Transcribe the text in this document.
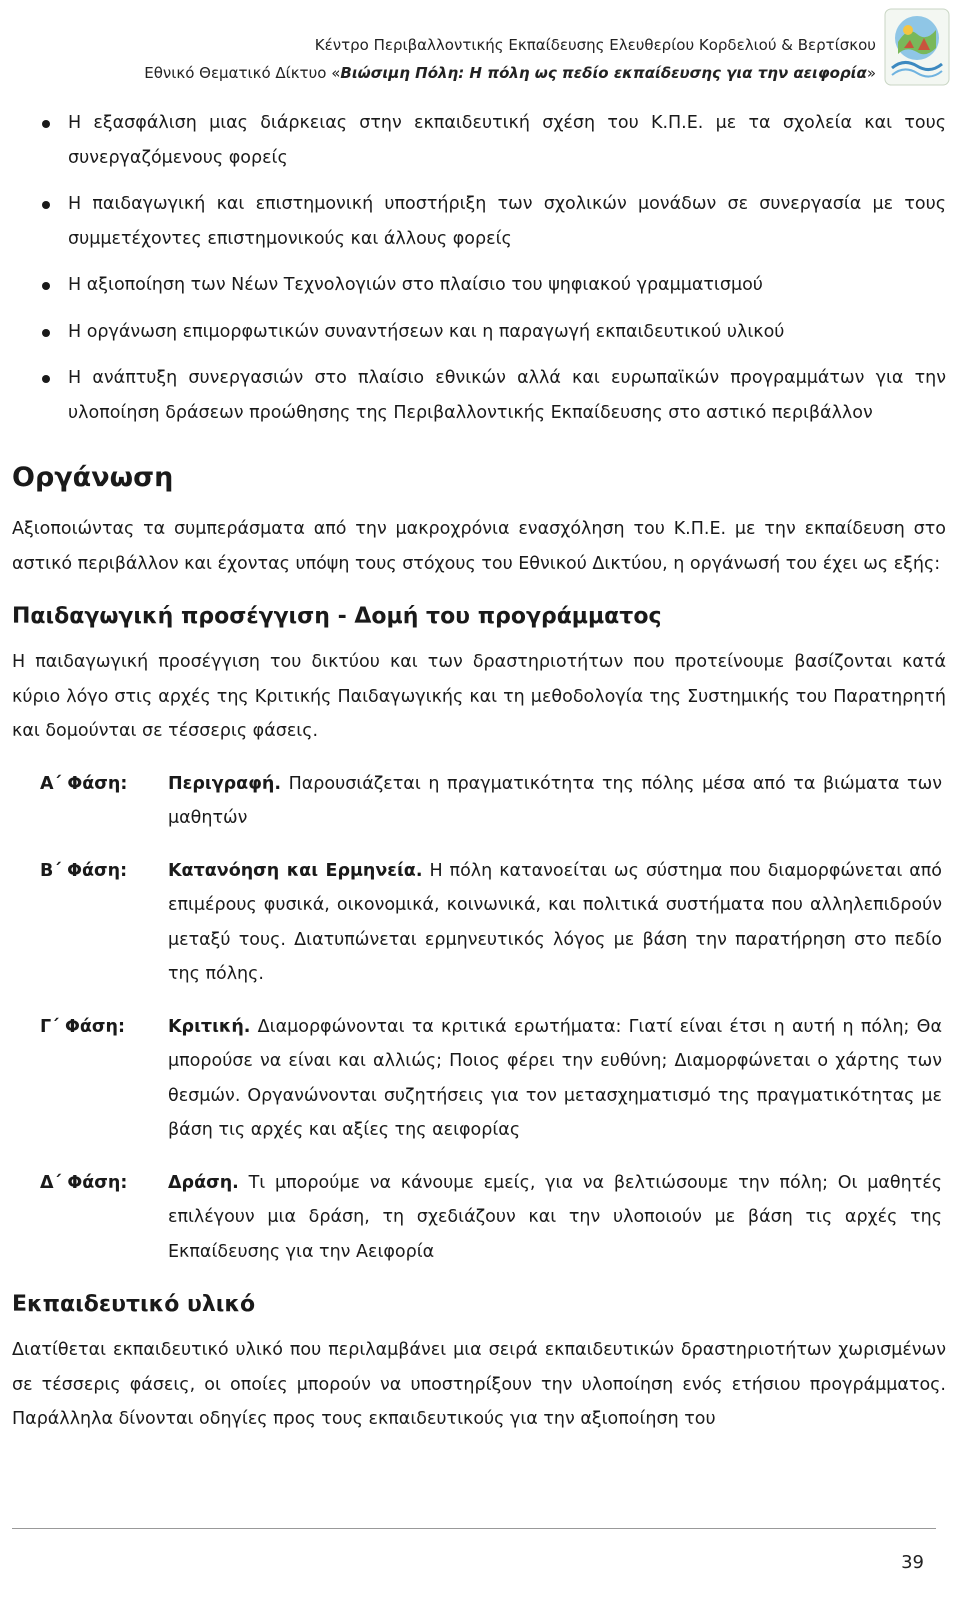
Κέντρο Περιβαλλοντικής Εκπαίδευσης Ελευθερίου Κορδελιού & Βερτίσκου
Εθνικό Θεματικό Δίκτυο «Βιώσιμη Πόλη: Η πόλη ως πεδίο εκπαίδευσης για την αειφορία»
Η εξασφάλιση μιας διάρκειας στην εκπαιδευτική σχέση του Κ.Π.Ε. με τα σχολεία και τους συνεργαζόμενους φορείς
Η παιδαγωγική και επιστημονική υποστήριξη των σχολικών μονάδων σε συνεργασία με τους συμμετέχοντες επιστημονικούς και άλλους φορείς
Η αξιοποίηση των Νέων Τεχνολογιών στο πλαίσιο του ψηφιακού γραμματισμού
Η οργάνωση επιμορφωτικών συναντήσεων και η παραγωγή εκπαιδευτικού υλικού
Η ανάπτυξη συνεργασιών στο πλαίσιο εθνικών αλλά και ευρωπαϊκών προγραμμάτων για την υλοποίηση δράσεων προώθησης της Περιβαλλοντικής Εκπαίδευσης στο αστικό περιβάλλον
Οργάνωση

Αξιοποιώντας τα συμπεράσματα από την μακροχρόνια ενασχόληση του Κ.Π.Ε. με την εκπαίδευση στο αστικό περιβάλλον και έχοντας υπόψη τους στόχους του Εθνικού Δικτύου, η οργάνωσή του έχει ως εξής:

Παιδαγωγική προσέγγιση - Δομή του προγράμματος

Η παιδαγωγική προσέγγιση του δικτύου και των δραστηριοτήτων που προτείνουμε βασίζονται κατά κύριο λόγο στις αρχές της Κριτικής Παιδαγωγικής και τη μεθοδολογία της Συστημικής του Παρατηρητή και δομούνται σε τέσσερις φάσεις.

Α΄ Φάση:	Περιγραφή. Παρουσιάζεται η πραγματικότητα της πόλης μέσα από τα βιώματα των μαθητών
Β΄ Φάση:	Κατανόηση και Ερμηνεία. Η πόλη κατανοείται ως σύστημα που διαμορφώνεται από επιμέρους φυσικά, οικονομικά, κοινωνικά, και πολιτικά συστήματα που αλληλεπιδρούν μεταξύ τους. Διατυπώνεται ερμηνευτικός λόγος με βάση την παρατήρηση στο πεδίο της πόλης.
Γ΄ Φάση:	Κριτική. Διαμορφώνονται τα κριτικά ερωτήματα: Γιατί είναι έτσι η αυτή η πόλη; Θα μπορούσε να είναι και αλλιώς; Ποιος φέρει την ευθύνη; Διαμορφώνεται ο χάρτης των θεσμών. Οργανώνονται συζητήσεις για τον μετασχηματισμό της πραγματικότητας με βάση τις αρχές και αξίες της αειφορίας
Δ΄ Φάση:	Δράση. Τι μπορούμε να κάνουμε εμείς, για να βελτιώσουμε την πόλη; Οι μαθητές επιλέγουν μια δράση, τη σχεδιάζουν και την υλοποιούν με βάση τις αρχές της Εκπαίδευσης για την Αειφορία
Εκπαιδευτικό υλικό

Διατίθεται εκπαιδευτικό υλικό που περιλαμβάνει μια σειρά εκπαιδευτικών δραστηριοτήτων χωρισμένων σε τέσσερις φάσεις, οι οποίες μπορούν να υποστηρίξουν την υλοποίηση ενός ετήσιου προγράμματος. Παράλληλα δίνονται οδηγίες προς τους εκπαιδευτικούς για την αξιοποίηση του

39
